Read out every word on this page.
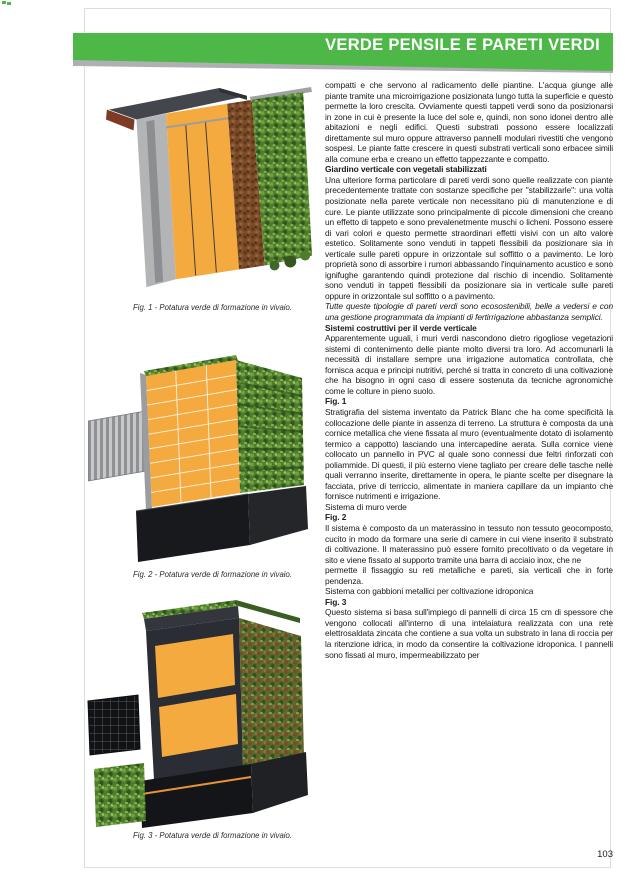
VERDE PENSILE E PARETI VERDI
Fig. 1 - Potatura verde di formazione in vivaio.
Fig. 2 - Potatura verde di formazione in vivaio.
Fig. 3 - Potatura verde di formazione in vivaio.

compatti e che servono al radicamento delle piantine. L'acqua giunge alle piante tramite una microirrigazione posizionata lungo tutta la superficie e questo permette la loro crescita. Ovviamente questi tappeti verdi sono da posizionarsi in zone in cui è presente la luce del sole e, quindi, non sono idonei dentro alle abitazioni e negli edifici. Questi substrati possono essere localizzati direttamente sul muro oppure attraverso pannelli modulari rivestiti che vengono sospesi. Le piante fatte crescere in questi substrati verticali sono erbacee simili alla comune erba e creano un effetto tappezzante e compatto.

Giardino verticale con vegetali stabilizzati

Una ulteriore forma particolare di pareti verdi sono quelle realizzate con piante precedentemente trattate con sostanze specifiche per "stabilizzarle": una volta posizionate nella parete verticale non necessitano più di manutenzione e di cure. Le piante utilizzate sono principalmente di piccole dimensioni che creano un effetto di tappeto e sono prevalenetmente muschi o licheni. Possono essere di vari colori e questo permette straordinari effetti visivi con un alto valore estetico. Solitamente sono venduti in tappeti flessibili da posizionare sia in verticale sulle pareti oppure in orizzontale sul soffitto o a pavimento. Le loro proprietà sono di assorbire i rumori abbassando l'inquinamento acustico e sono ignifughe garantendo quindi protezione dal rischio di incendio. Solitamente sono venduti in tappeti flessibili da posizionare sia in verticale sulle pareti oppure in orizzontale sul soffitto o a pavimento.

Tutte queste tipologie di pareti verdi sono ecosostenibili, belle a vedersi e con una gestione programmata da impianti di fertirrigazione abbastanza semplici.

Sistemi costruttivi per il verde verticale

Apparentemente uguali, i muri verdi nascondono dietro rigogliose vegetazioni sistemi di contenimento delle piante molto diversi tra loro. Ad accomunarli la necessità di installare sempre una irrigazione automatica controllata, che fornisca acqua e principi nutritivi, perché si tratta in concreto di una coltivazione che ha bisogno in ogni caso di essere sostenuta da tecniche agronomiche come le colture in pieno suolo.

Fig. 1

Stratigrafia del sistema inventato da Patrick Blanc che ha come specificità la collocazione delle piante in assenza di terreno. La struttura è composta da una cornice metallica che viene fissata al muro (eventualmente dotato di isolamento termico a cappotto) lasciando una intercapedine aerata. Sulla cornice viene collocato un pannello in PVC al quale sono connessi due feltri rinforzati con poliammide. Di questi, il più esterno viene tagliato per creare delle tasche nelle quali verranno inserite, direttamente in opera, le piante scelte per disegnare la facciata, prive di terriccio, alimentate in maniera capillare da un impianto che fornisce nutrimenti e irrigazione.

Sistema di muro verde

Fig. 2

Il sistema è composto da un materassino in tessuto non tessuto geocomposto, cucito in modo da formare una serie di camere in cui viene inserito il substrato di coltivazione. Il materassino può essere fornito precoltivato o da vegetare in sito e viene fissato al supporto tramite una barra di acciaio inox, che ne

permette il fissaggio su reti metalliche e pareti, sia verticali che in forte pendenza.

Sistema con gabbioni metallici per coltivazione idroponica

Fig. 3

Questo sistema si basa sull'impiego di pannelli di circa 15 cm di spessore che vengono collocati all'interno di una intelaiatura realizzata con una rete elettrosaldata zincata che contiene a sua volta un substrato in lana di roccia per la ritenzione idrica, in modo da consentire la coltivazione idroponica. I pannelli sono fissati al muro, impermeabilizzato per

103
